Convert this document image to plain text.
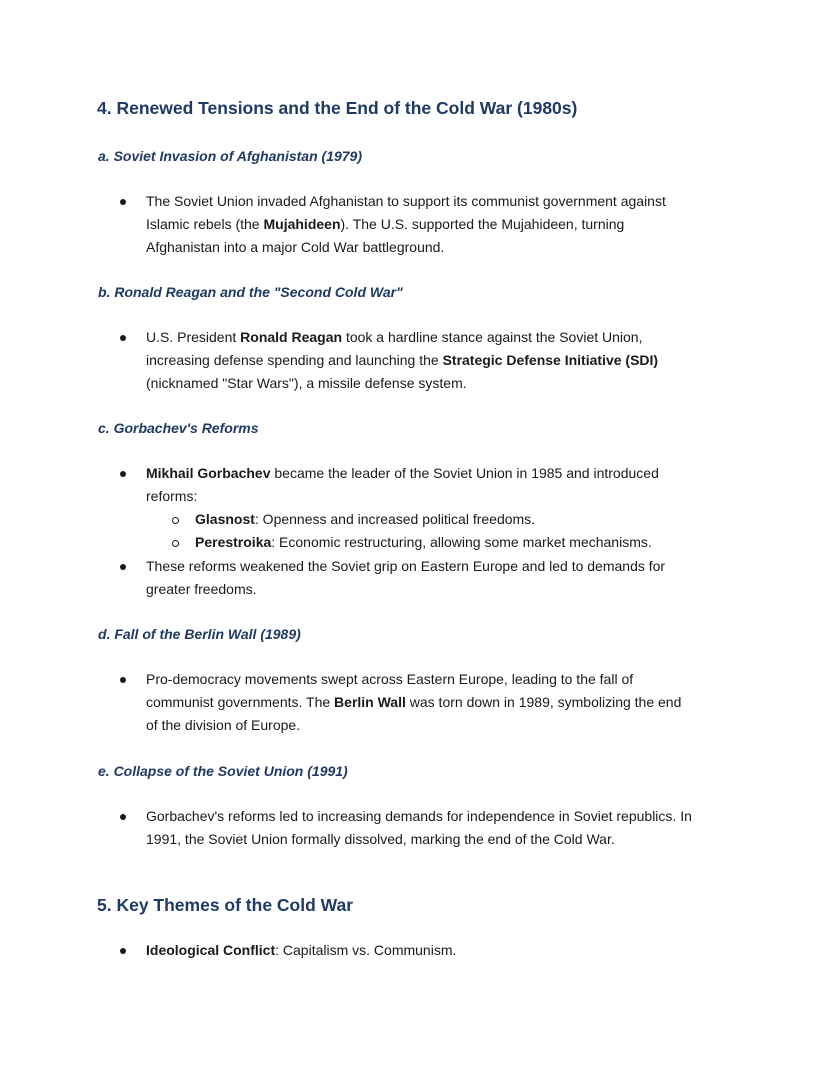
4. Renewed Tensions and the End of the Cold War (1980s)
a. Soviet Invasion of Afghanistan (1979)
The Soviet Union invaded Afghanistan to support its communist government against
Islamic rebels (the Mujahideen). The U.S. supported the Mujahideen, turning
Afghanistan into a major Cold War battleground.
b. Ronald Reagan and the "Second Cold War"
U.S. President Ronald Reagan took a hardline stance against the Soviet Union,
increasing defense spending and launching the Strategic Defense Initiative (SDI)
(nicknamed "Star Wars"), a missile defense system.
c. Gorbachev's Reforms
Mikhail Gorbachev became the leader of the Soviet Union in 1985 and introduced
reforms:
Glasnost: Openness and increased political freedoms.
Perestroika: Economic restructuring, allowing some market mechanisms.
These reforms weakened the Soviet grip on Eastern Europe and led to demands for
greater freedoms.
d. Fall of the Berlin Wall (1989)
Pro-democracy movements swept across Eastern Europe, leading to the fall of
communist governments. The Berlin Wall was torn down in 1989, symbolizing the end
of the division of Europe.
e. Collapse of the Soviet Union (1991)
Gorbachev's reforms led to increasing demands for independence in Soviet republics. In
1991, the Soviet Union formally dissolved, marking the end of the Cold War.
5. Key Themes of the Cold War
Ideological Conflict: Capitalism vs. Communism.
